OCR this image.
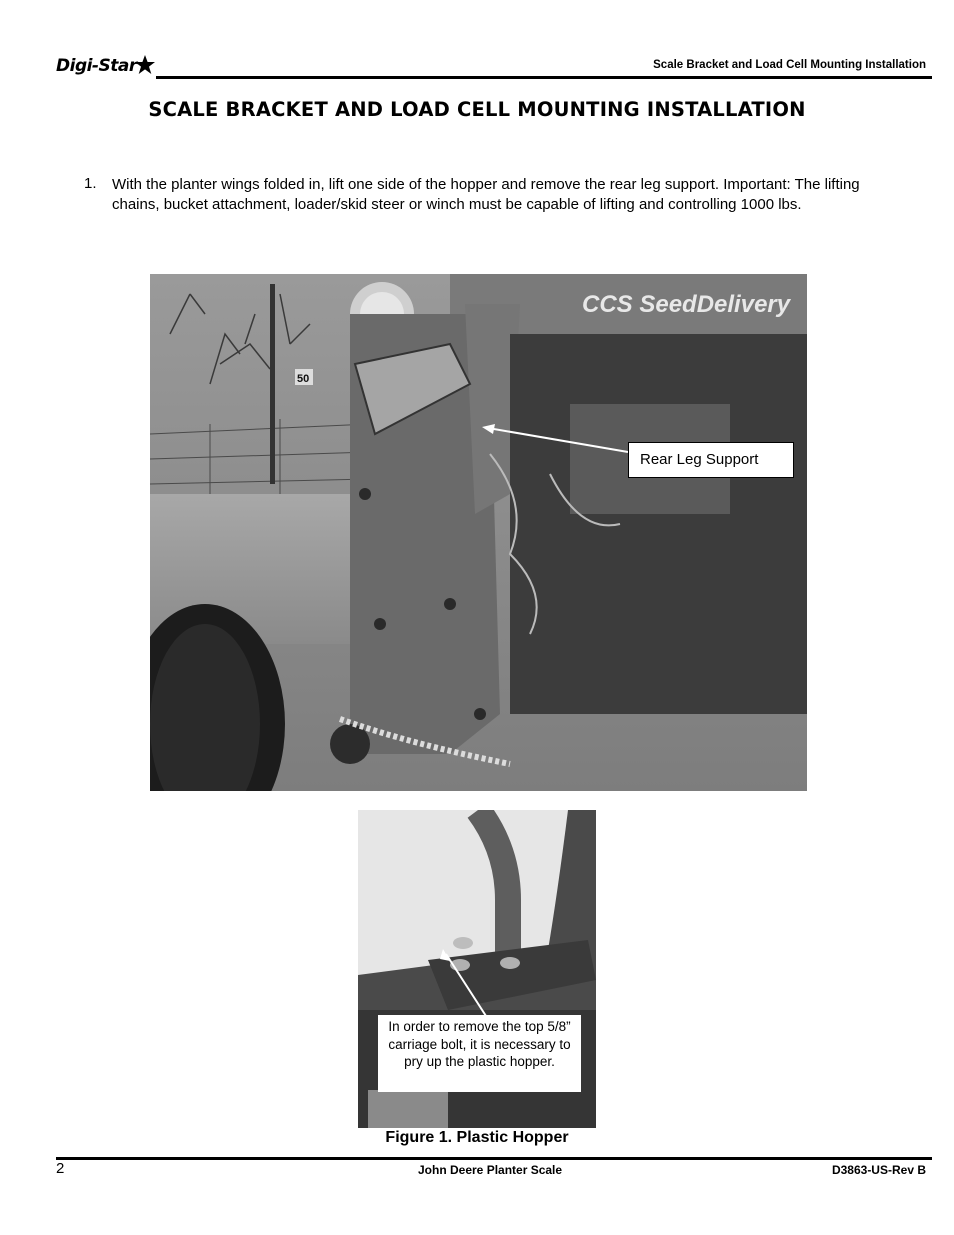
Digi-Star	Scale Bracket and Load Cell Mounting Installation
SCALE BRACKET AND LOAD CELL MOUNTING INSTALLATION
1. With the planter wings folded in, lift one side of the hopper and remove the rear leg support. Important: The lifting chains, bucket attachment, loader/skid steer or winch must be capable of lifting and controlling 1000 lbs.
50
CCS SeedDelivery
Rear Leg Support
In order to remove the top 5/8” carriage bolt, it is necessary to pry up the plastic hopper.
Figure 1. Plastic Hopper
2	John Deere Planter Scale	D3863-US-Rev B
